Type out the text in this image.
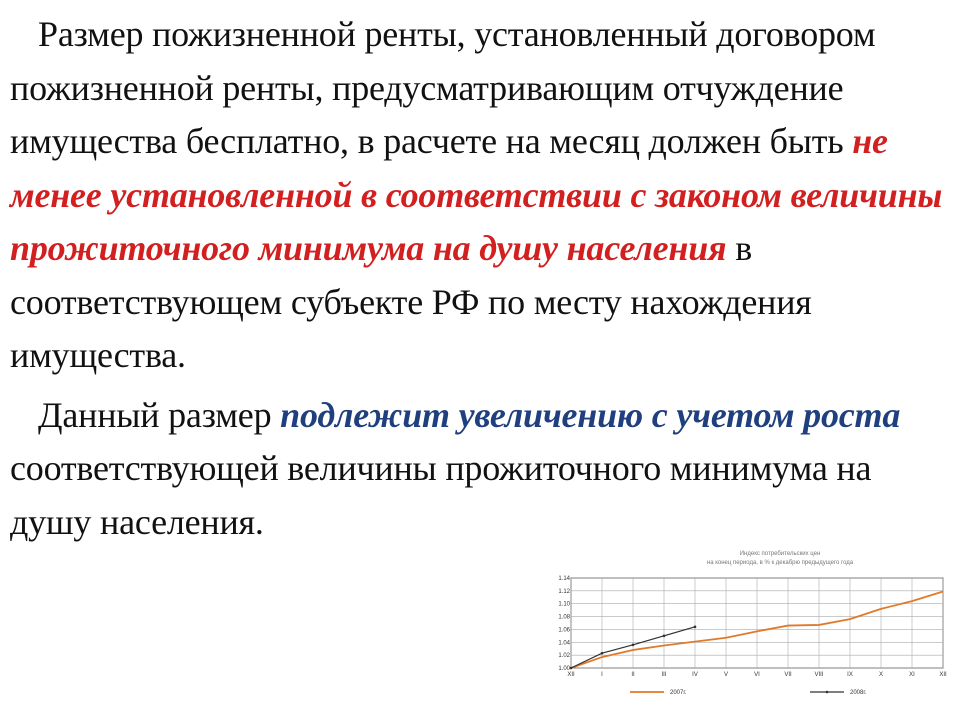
Размер пожизненной ренты, установленный договором пожизненной ренты, предусматривающим отчуждение имущества бесплатно, в расчете на месяц должен быть не менее установленной в соответствии с законом величины прожиточного минимума на душу населения в соответствующем субъекте РФ по месту нахождения имущества.

Данный размер подлежит увеличению с учетом роста соответствующей величины прожиточного минимума на душу населения.

Индекс потребительских цен
на конец периода, в % к декабрю предыдущего года
1.00
1.02
1.04
1.06
1.08
1.10
1.12
1.14
XII	I	II	III	IV	V	VI	VII	VIII	IX	X	XI	XII
2007г.	2008г.
